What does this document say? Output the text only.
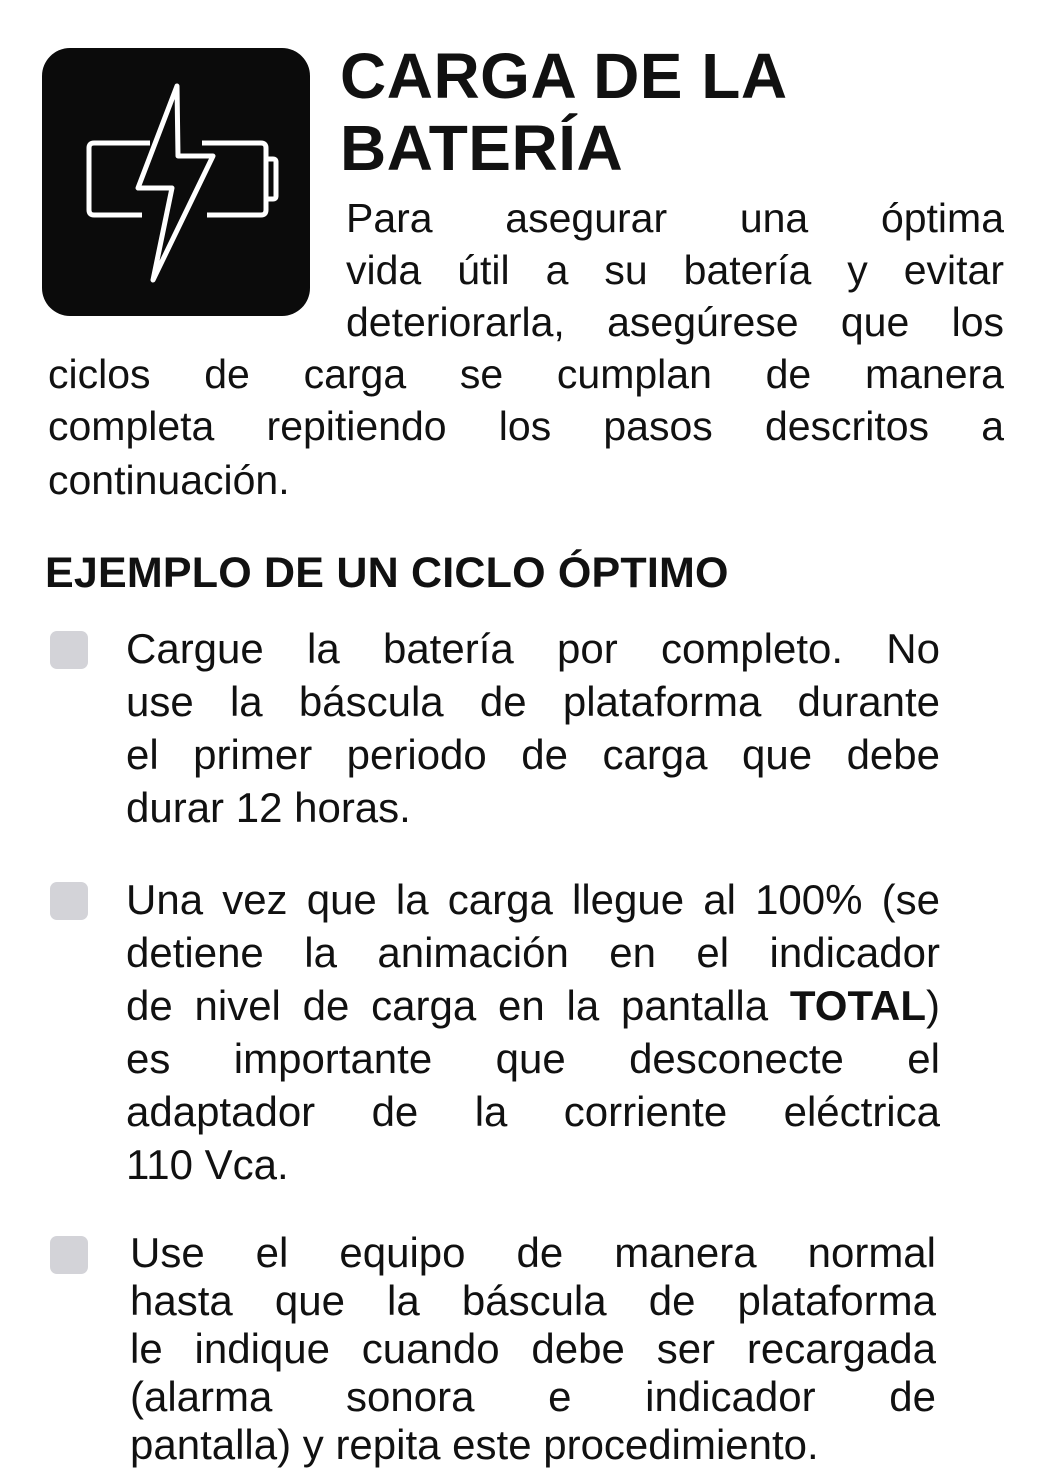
CARGA DE LA
BATERÍA
Para asegurar una óptima
vida útil a su batería y evitar
deteriorarla, asegúrese que los
ciclos de carga se cumplan de manera
completa repitiendo los pasos descritos a
continuación.
EJEMPLO DE UN CICLO ÓPTIMO
Cargue la batería por completo. No
use la báscula de plataforma durante
el primer periodo de carga que debe
durar 12 horas.
Una vez que la carga llegue al 100% (se
detiene la animación en el indicador
de nivel de carga en la pantalla TOTAL)
es importante que desconecte el
adaptador de la corriente eléctrica
110 Vca.
Use el equipo de manera normal
hasta que la báscula de plataforma
le indique cuando debe ser recargada
(alarma sonora e indicador de
pantalla) y repita este procedimiento.
